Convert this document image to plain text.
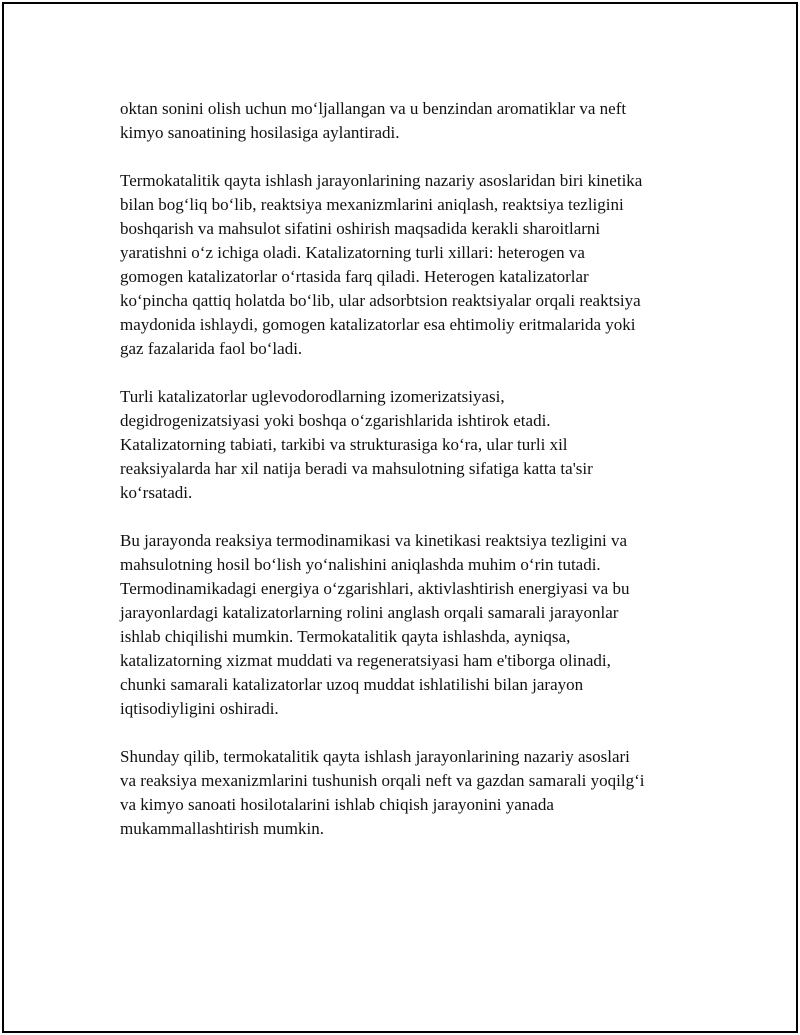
oktan sonini olish uchun moʻljallangan va u benzindan aromatiklar va neft
kimyo sanoatining hosilasiga aylantiradi.
Termokatalitik qayta ishlash jarayonlarining nazariy asoslaridan biri kinetika
bilan bogʻliq boʻlib, reaktsiya mexanizmlarini aniqlash, reaktsiya tezligini
boshqarish va mahsulot sifatini oshirish maqsadida kerakli sharoitlarni
yaratishni oʻz ichiga oladi. Katalizatorning turli xillari: heterogen va
gomogen katalizatorlar oʻrtasida farq qiladi. Heterogen katalizatorlar
koʻpincha qattiq holatda boʻlib, ular adsorbtsion reaktsiyalar orqali reaktsiya
maydonida ishlaydi, gomogen katalizatorlar esa ehtimoliy eritmalarida yoki
gaz fazalarida faol boʻladi.
Turli katalizatorlar uglevodorodlarning izomerizatsiyasi,
degidrogenizatsiyasi yoki boshqa oʻzgarishlarida ishtirok etadi.
Katalizatorning tabiati, tarkibi va strukturasiga koʻra, ular turli xil
reaksiyalarda har xil natija beradi va mahsulotning sifatiga katta ta'sir
koʻrsatadi.
Bu jarayonda reaksiya termodinamikasi va kinetikasi reaktsiya tezligini va
mahsulotning hosil boʻlish yoʻnalishini aniqlashda muhim oʻrin tutadi.
Termodinamikadagi energiya oʻzgarishlari, aktivlashtirish energiyasi va bu
jarayonlardagi katalizatorlarning rolini anglash orqali samarali jarayonlar
ishlab chiqilishi mumkin. Termokatalitik qayta ishlashda, ayniqsa,
katalizatorning xizmat muddati va regeneratsiyasi ham e'tiborga olinadi,
chunki samarali katalizatorlar uzoq muddat ishlatilishi bilan jarayon
iqtisodiyligini oshiradi.
Shunday qilib, termokatalitik qayta ishlash jarayonlarining nazariy asoslari
va reaksiya mexanizmlarini tushunish orqali neft va gazdan samarali yoqilgʻi
va kimyo sanoati hosilotalarini ishlab chiqish jarayonini yanada
mukammallashtirish mumkin.
